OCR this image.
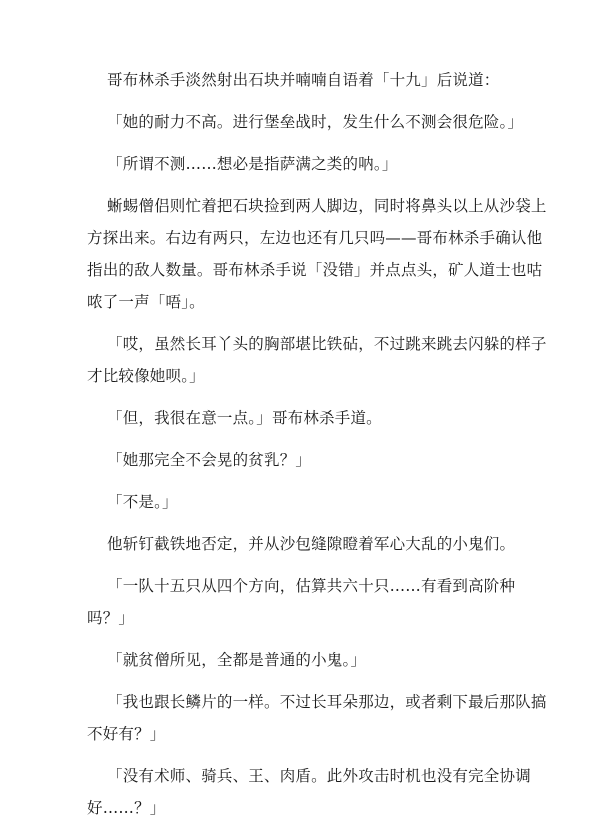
哥布林杀手淡然射出石块并喃喃自语着「十九」后说道：

「她的耐力不高。进行堡垒战时，发生什么不测会很危险。」

「所谓不测……想必是指萨满之类的呐。」

蜥蜴僧侣则忙着把石块捡到两人脚边，同时将鼻头以上从沙袋上方探出来。右边有两只，左边也还有几只吗——哥布林杀手确认他指出的敌人数量。哥布林杀手说「没错」并点点头，矿人道士也咕哝了一声「唔」。

「哎，虽然长耳丫头的胸部堪比铁砧，不过跳来跳去闪躲的样子才比较像她呗。」

「但，我很在意一点。」哥布林杀手道。

「她那完全不会晃的贫乳？」

「不是。」

他斩钉截铁地否定，并从沙包缝隙瞪着军心大乱的小鬼们。

「一队十五只从四个方向，估算共六十只……有看到高阶种吗？」

「就贫僧所见，全都是普通的小鬼。」

「我也跟长鳞片的一样。不过长耳朵那边，或者剩下最后那队搞不好有？」

「没有术师、骑兵、王、肉盾。此外攻击时机也没有完全协调好……？」
